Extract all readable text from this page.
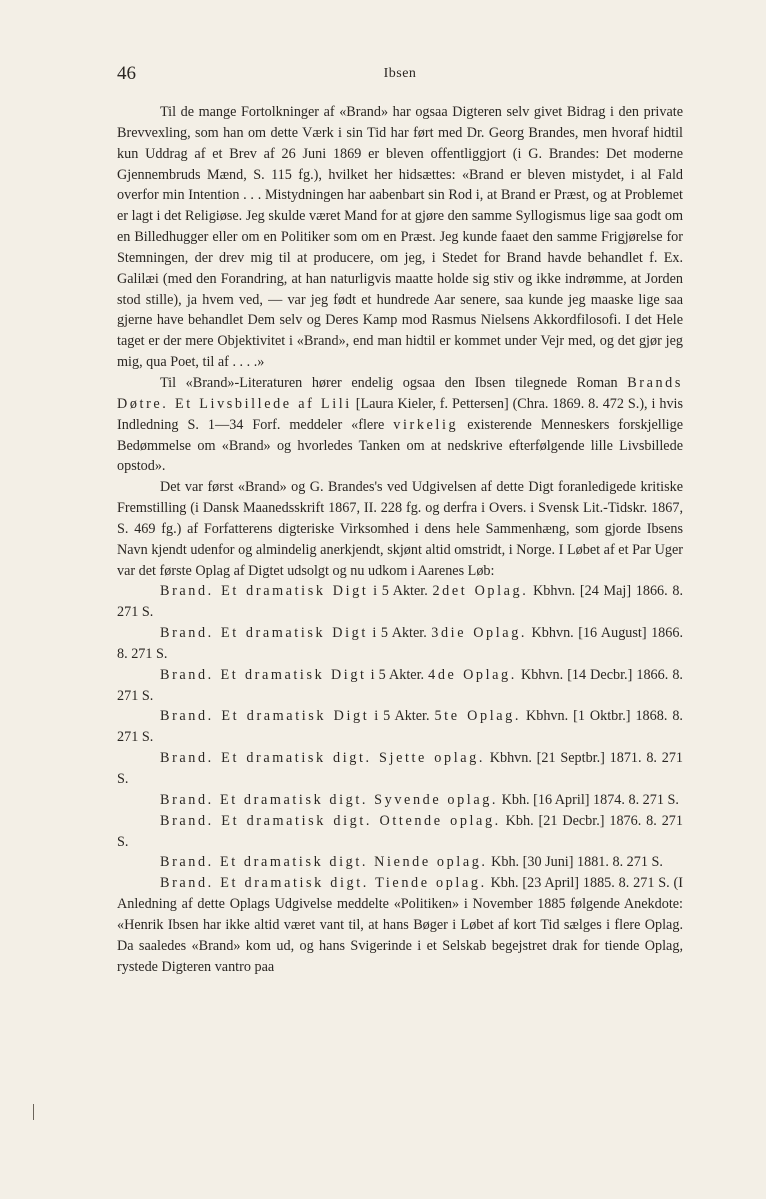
46	Ibsen

Til de mange Fortolkninger af «Brand» har ogsaa Digteren selv givet Bidrag i den private Brevvexling, som han om dette Værk i sin Tid har ført med Dr. Georg Brandes, men hvoraf hidtil kun Uddrag af et Brev af 26 Juni 1869 er bleven offentliggjort (i G. Brandes: Det moderne Gjennembruds Mænd, S. 115 fg.), hvilket her hidsættes: «Brand er bleven mistydet, i al Fald overfor min Intention . . . Mistydningen har aabenbart sin Rod i, at Brand er Præst, og at Problemet er lagt i det Religiøse. Jeg skulde været Mand for at gjøre den samme Syllogismus lige saa godt om en Billedhugger eller om en Politiker som om en Præst. Jeg kunde faaet den samme Frigjørelse for Stemningen, der drev mig til at producere, om jeg, i Stedet for Brand havde behandlet f. Ex. Galilæi (med den Forandring, at han naturligvis maatte holde sig stiv og ikke indrømme, at Jorden stod stille), ja hvem ved, — var jeg født et hundrede Aar senere, saa kunde jeg maaske lige saa gjerne have behandlet Dem selv og Deres Kamp mod Rasmus Nielsens Akkordfilosofi. I det Hele taget er der mere Objektivitet i «Brand», end man hidtil er kommet under Vejr med, og det gjør jeg mig, qua Poet, til af . . . .»

Til «Brand»-Literaturen hører endelig ogsaa den Ibsen tilegnede Roman Brands Døtre. Et Livsbillede af Lili [Laura Kieler, f. Pettersen] (Chra. 1869. 8. 472 S.), i hvis Indledning S. 1—34 Forf. meddeler «flere virkelig existerende Menneskers forskjellige Bedømmelse om «Brand» og hvorledes Tanken om at nedskrive efterfølgende lille Livsbillede opstod».

Det var først «Brand» og G. Brandes's ved Udgivelsen af dette Digt foranledigede kritiske Fremstilling (i Dansk Maanedsskrift 1867, II. 228 fg. og derfra i Overs. i Svensk Lit.-Tidskr. 1867, S. 469 fg.) af Forfatterens digteriske Virksomhed i dens hele Sammenhæng, som gjorde Ibsens Navn kjendt udenfor og almindelig anerkjendt, skjønt altid omstridt, i Norge. I Løbet af et Par Uger var det første Oplag af Digtet udsolgt og nu udkom i Aarenes Løb:

Brand. Et dramatisk Digt i 5 Akter. 2det Oplag. Kbhvn. [24 Maj] 1866. 8. 271 S.

Brand. Et dramatisk Digt i 5 Akter. 3die Oplag. Kbhvn. [16 August] 1866. 8. 271 S.

Brand. Et dramatisk Digt i 5 Akter. 4de Oplag. Kbhvn. [14 Decbr.] 1866. 8. 271 S.

Brand. Et dramatisk Digt i 5 Akter. 5te Oplag. Kbhvn. [1 Oktbr.] 1868. 8. 271 S.

Brand. Et dramatisk digt. Sjette oplag. Kbhvn. [21 Septbr.] 1871. 8. 271 S.

Brand. Et dramatisk digt. Syvende oplag. Kbh. [16 April] 1874. 8. 271 S.

Brand. Et dramatisk digt. Ottende oplag. Kbh. [21 Decbr.] 1876. 8. 271 S.

Brand. Et dramatisk digt. Niende oplag. Kbh. [30 Juni] 1881. 8. 271 S.

Brand. Et dramatisk digt. Tiende oplag. Kbh. [23 April] 1885. 8. 271 S. (I Anledning af dette Oplags Udgivelse meddelte «Politiken» i November 1885 følgende Anekdote: «Henrik Ibsen har ikke altid været vant til, at hans Bøger i Løbet af kort Tid sælges i flere Oplag. Da saaledes «Brand» kom ud, og hans Svigerinde i et Selskab begejstret drak for tiende Oplag, rystede Digteren vantro paa
